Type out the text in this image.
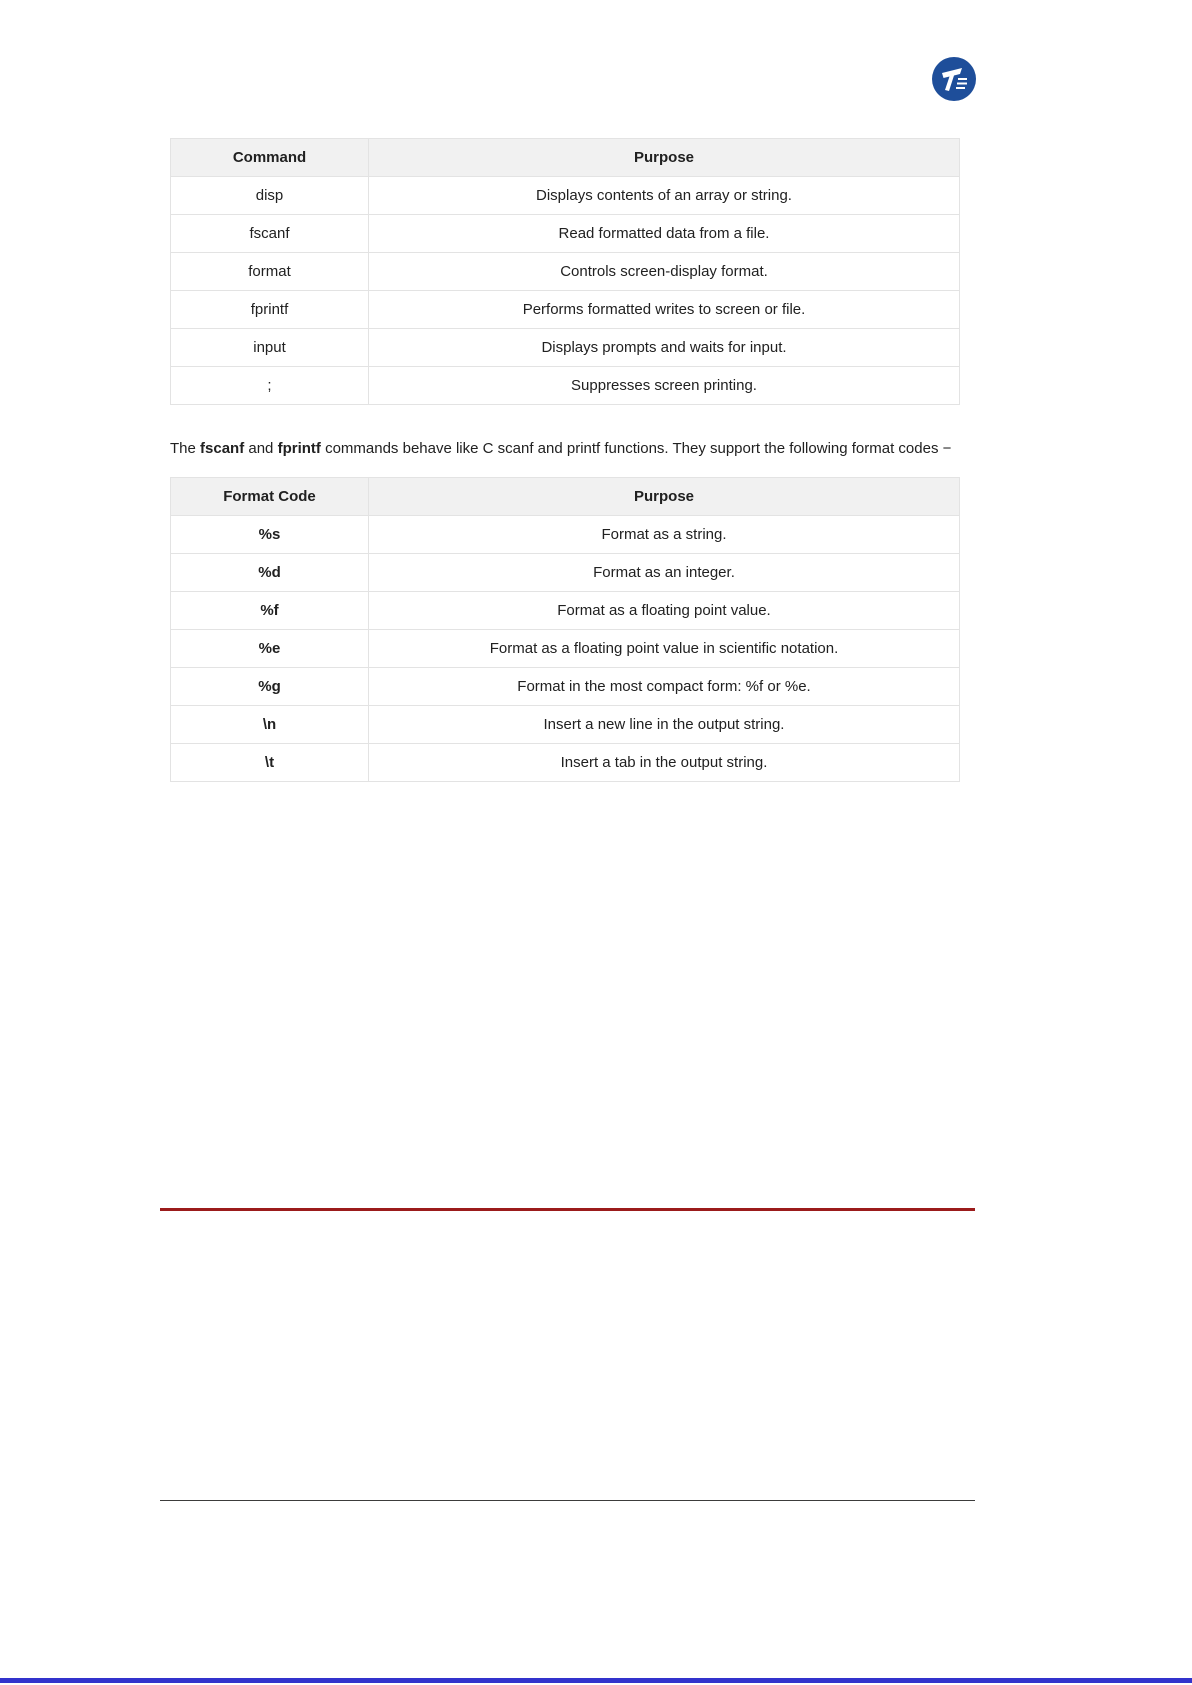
Command	Purpose
disp	Displays contents of an array or string.
fscanf	Read formatted data from a file.
format	Controls screen-display format.
fprintf	Performs formatted writes to screen or file.
input	Displays prompts and waits for input.
;	Suppresses screen printing.

The fscanf and fprintf commands behave like C scanf and printf functions. They support the following format codes −

Format Code	Purpose
%s	Format as a string.
%d	Format as an integer.
%f	Format as a floating point value.
%e	Format as a floating point value in scientific notation.
%g	Format in the most compact form: %f or %e.
\n	Insert a new line in the output string.
\t	Insert a tab in the output string.
